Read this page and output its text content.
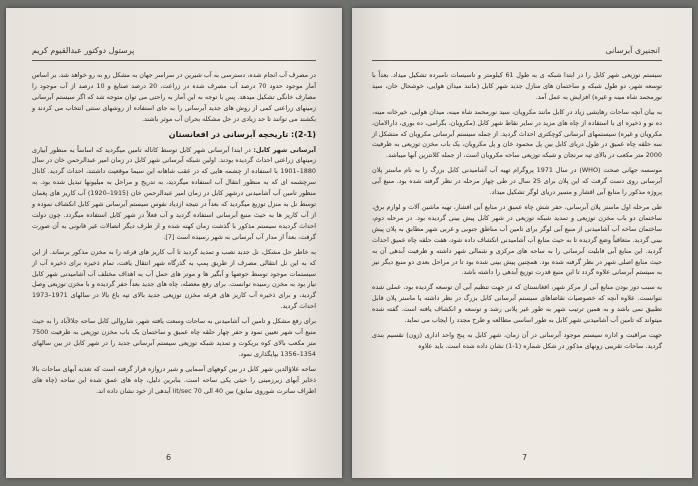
پرستول دوکتور عبدالقیوم کریم

در مصرف آب انجام شده، دسترسی به آب شیرین در سراسر جهان به مشکل رو به رو خواهد شد. بر اساس آمار موجود حدود 70 درصد آب مصرف شده در زراعت، 20 درصد صنایع و 10 درصد از آب موجود را مصارف خانگی تشکیل میدهد. پس با توجه به این آمار به راحتی می توان متوجه شد که اگر سیستم آبرسانی زمینهای زراعتی کمی از روش های جدید آبرسانی را به جای استفاده از روشهای سنتی انتخاب می کردند و بکشند می توانند تا حد زیادی در حل مشکله بحران آب موثر باشند.

(2-1): تاریخچه آبرسانی در افغانستان

آبرسانی شهر کابل: در ابتدا آبرسانی شهر کابل توسط کاناله تامین میگردید که اساساً به منظور آبیاری زمینهای زراعتی احداث گردیده بودند. اولین شبکه آبرسانی شهر کابل در زمان امیر عبدالرحمن خان در سال 1880–1901 با استفاده از چشمه هایی که در عقب شاهانه این سیما موقعیت داشتند، احداث گردید. کانال سرچشمه ای که به منظور انتقال آب استفاده میگردید، به تدریج و مراحل به میلیونها تبدیل شده بود. به منظور تامین آب آشامیدنی درشهر کابل در زمان امیر عبدالرحمن خان (1915–1920) آب کاریز های پغمان توسط نل به منزل توزیع میگردید که بعداً در نتیجه ازدیاد نفوس سیستم آبرسانی شهر کابل انکشاف نموده و از آب کاریز ها به حیث منبع آبرسانی استفاده گردید و آب فعلاً در شهر کابل استفاده میگردد. چون دولت احداث گردیده سیستم مذکور با گذشت زمان کهنه شده و از طرف دیگر اتصالات غیر قانونی به آن صورت گرفت، بعداً از مدار آب آبرسانی به شهر رسیده است [7].

به خاطر حل مشکل، نل جدید نصب و تمدید گردید تا آب کاریز های قرغه را به مخزن مذکور برساند. از این که به این نل انتقالی مصرف از طریق پمپ به گذرگاه شهر انتقال یافت، تمام ذخیره برای ذخیره آب از سیستمات موجود توسط حوضها و آبگیر ها و موتر های حمل آب به اهداف مختلف آب آشامیدنی شهر کابل نیاز بود به مخزن رسیده توانست. برای رفع معضله، چاه های جدید بعداً حفر گردیده و با مخزن توزیعی وصل گردید، و برای ذخیره آب کاریز های قرغه مخزن توزیعی جدید بالای تپه باغ بالا در سالهای 1971–1973 احداث گردید.

برای رفع مشکل و تامین آب آشامیدنی به ساحات وسعت یافته شهر، شاروالی کابل ساحه جلالآباد را به حیث منبع آب شهر تعیین نمود و حفر چهار حلقه چاه عمیق و ساختمان یک باب مخزن توزیعی به ظرفیت 7500 متر مکعب بالای کوه بریکوت و تمدید شبکه توزیعی سیستم آبرسانی جدید را در شهر کابل در بین سالهای 1354–1356 بپایگذاری نمود.

ساحه علاؤالدین شهر کابل در بین کوههای آسمایی و شیر دروازه قرار گرفته است که تغذیه آبهای ساحات بالا ذخایر آبهای زیرزمینی را حیثی یکی ساحه است. بنابرین دلیل، چاه های عمق شده این ساحه (چاه های اطراف ساترت شوروی سابق) بین 40 الی 70 lit/sec آبدهی از خود نشان داده اند.

6
انجنیری آبرسانی

سیستم توزیعی شهر کابل را در ابتدا شبکه ی به طول 61 کیلومتر و تاسیسات نامبرده تشکیل میداد. بعداً با توسعه شهر، دو طول شبکه و ساختمان های منازل جدید شهر کابل (مانند میدان هوایی، خوشحال خان، سید نورمحمد شاه مینه و غیره) افزایش به عمل آمد.

به بیان آنچه ساحات رهایشی زیاد در کابل مانند مکرویان، سید نورمحمد شاه مینه، میدان هوایی، خیرخانه مینه، ده نو و ذخیره ای با استفاده از چاه های مزید در سایر نقاط شهر کابل (مکرویان، بگرامی، ده بوری، دارالامان، مکرویان و غیره) سیستمهای آبرسانی کوچکتری احداث گردید. از جمله سیستم آبرسانی مکرویان که متشکل از سه حلقه چاه عمیق در طول دریای کابل بین پل محمود خان و پل مکرویان، یک باب مخزن توزیعی به ظرفیت 2000 متر مکعب در بالای تپه مرنجان و شبکه توزیعی ساحه مکرویان است، از جمله کلانترین آنها میباشد.

موسسه جهانی صحت (WHO) در سال 1971 پروگرام تهیه آب آشامیدنی کابل بزرگ را به نام ماستر پلان آبرسانی روی دست گرفت که این پلان برای 25 سال در طی چهار مرحله در نظر گرفته شده بود. منبع آبی پروژه مذکور را منابع آبی افشار و مسیر دریای لوگر تشکیل میداد.

طی مرحله اول ماستر پلان آبرسانی، حفر شش چاه عمیق در منابع آبی افشار، تهیه ماشین آلات و لوازم برق، ساختمان دو باب مخزن توزیعی و تمدید شبکه توزیعی در شهر کابل پیش بینی گردیده بود. در مرحله دوم، ساختمان ساحه آب آشامیدنی از منبع آبی لوگر برای تامین آب مناطق جنوبی و غربی شهر مطابق به پلان پیش بینی گردید. متعاقباً وضع گردیده تا به حیث منابع آب آشامیدنی انکشاف داده شود، هفت حلقه چاه عمیق احداث گردید. این منابع آبی قابلیت آبرسانی را به ساحه های مرکزی و شمالی شهر داشته و ظرفیت آبدهی آن به حیث منابع اصلی شهر در نظر گرفته شده بود. همچنین پیش بینی شده بود تا در مراحل بعدی دو منبع دیگر نیز به سیستم آبرسانی علاوه گردد تا این منبع قدرت توزیع آبدهی را داشته باشد.

به سبب دور بودن منابع آبی از مرکز شهر، افغانستان که در جهت تنظیم آبی آن توسعه گردیده بود، عملی شده نتوانست. علاوه آنچه که خصوصیات تقاضاهای سیستم آبرسانی کابل بزرگ در نظر داشته یا ماستر پلان قابل تطبیق نمی باشد و به همین ترتیب شهر به طور غیر پلانی رشد و توسعه و انکشاف یافته است. گفته شده میتواند که تامین آب آشامیدنی شهر کابل به طور اساسی مطالعه و طرح مجدد را ایجاب می نماید.

جهت مراقبت و اداره سیستم موجود آبرسانی در آن زمان، شهر کابل به پنج واحد اداری (زون) تقسیم بندی گردید. ساحات تقریبی زونهای مذکور در شکل شماره (1-1) نشان داده شده است. باید علاوه

7
